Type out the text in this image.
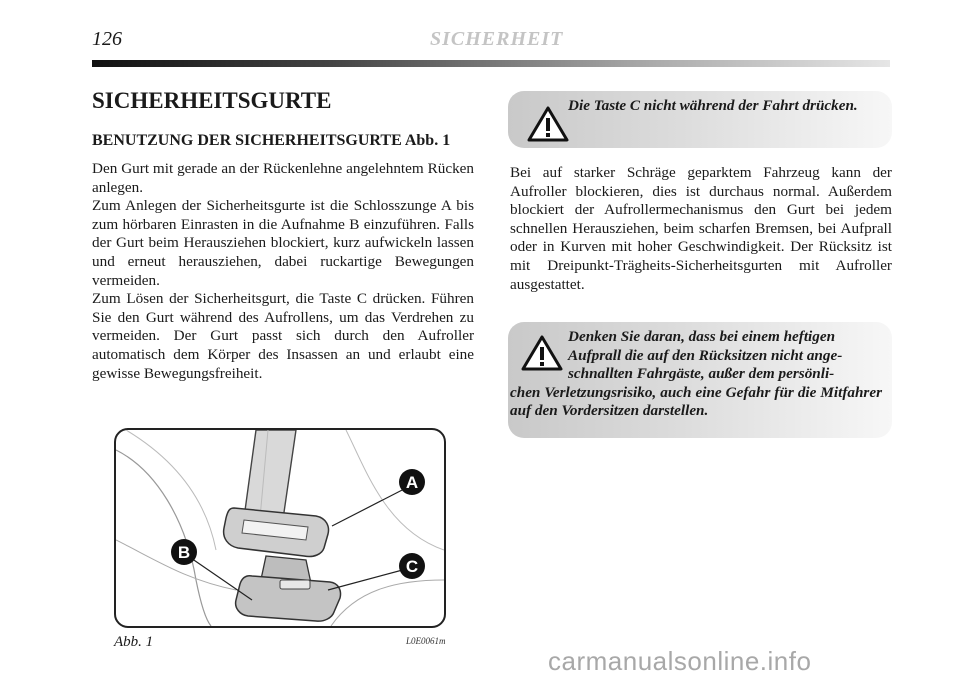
126	SICHERHEIT
SICHERHEITSGURTE
BENUTZUNG DER SICHERHEITSGURTE Abb. 1

Den Gurt mit gerade an der Rückenlehne angelehntem Rücken anlegen.

Zum Anlegen der Sicherheitsgurte ist die Schlosszunge A bis zum hörbaren Einrasten in die Aufnahme B einzuführen. Falls der Gurt beim Herausziehen blockiert, kurz aufwickeln lassen und erneut herausziehen, dabei ruckartige Bewegungen vermeiden.

Zum Lösen der Sicherheitsgurt, die Taste C drücken. Führen Sie den Gurt während des Aufrollens, um das Verdrehen zu vermeiden. Der Gurt passt sich durch den Aufroller automatisch dem Körper des Insassen an und erlaubt eine gewisse Bewegungsfreiheit.

Die Taste C nicht während der Fahrt drücken.

Bei auf starker Schräge geparktem Fahrzeug kann der Aufroller blockieren, dies ist durchaus normal. Außerdem blockiert der Aufrollermechanismus den Gurt bei jedem schnellen Herausziehen, beim scharfen Bremsen, bei Aufprall oder in Kurven mit hoher Geschwindigkeit. Der Rücksitz ist mit Dreipunkt-Trägheits-Sicherheitsgurten mit Aufroller ausgestattet.

Denken Sie daran, dass bei einem heftigen
Aufprall die auf den Rücksitzen nicht ange-
schnallten Fahrgäste, außer dem persönli-
chen Verletzungsrisiko, auch eine Gefahr für die Mitfahrer auf den Vordersitzen darstellen.
A
B
C
Abb. 1	L0E0061m
carmanualsonline.info
